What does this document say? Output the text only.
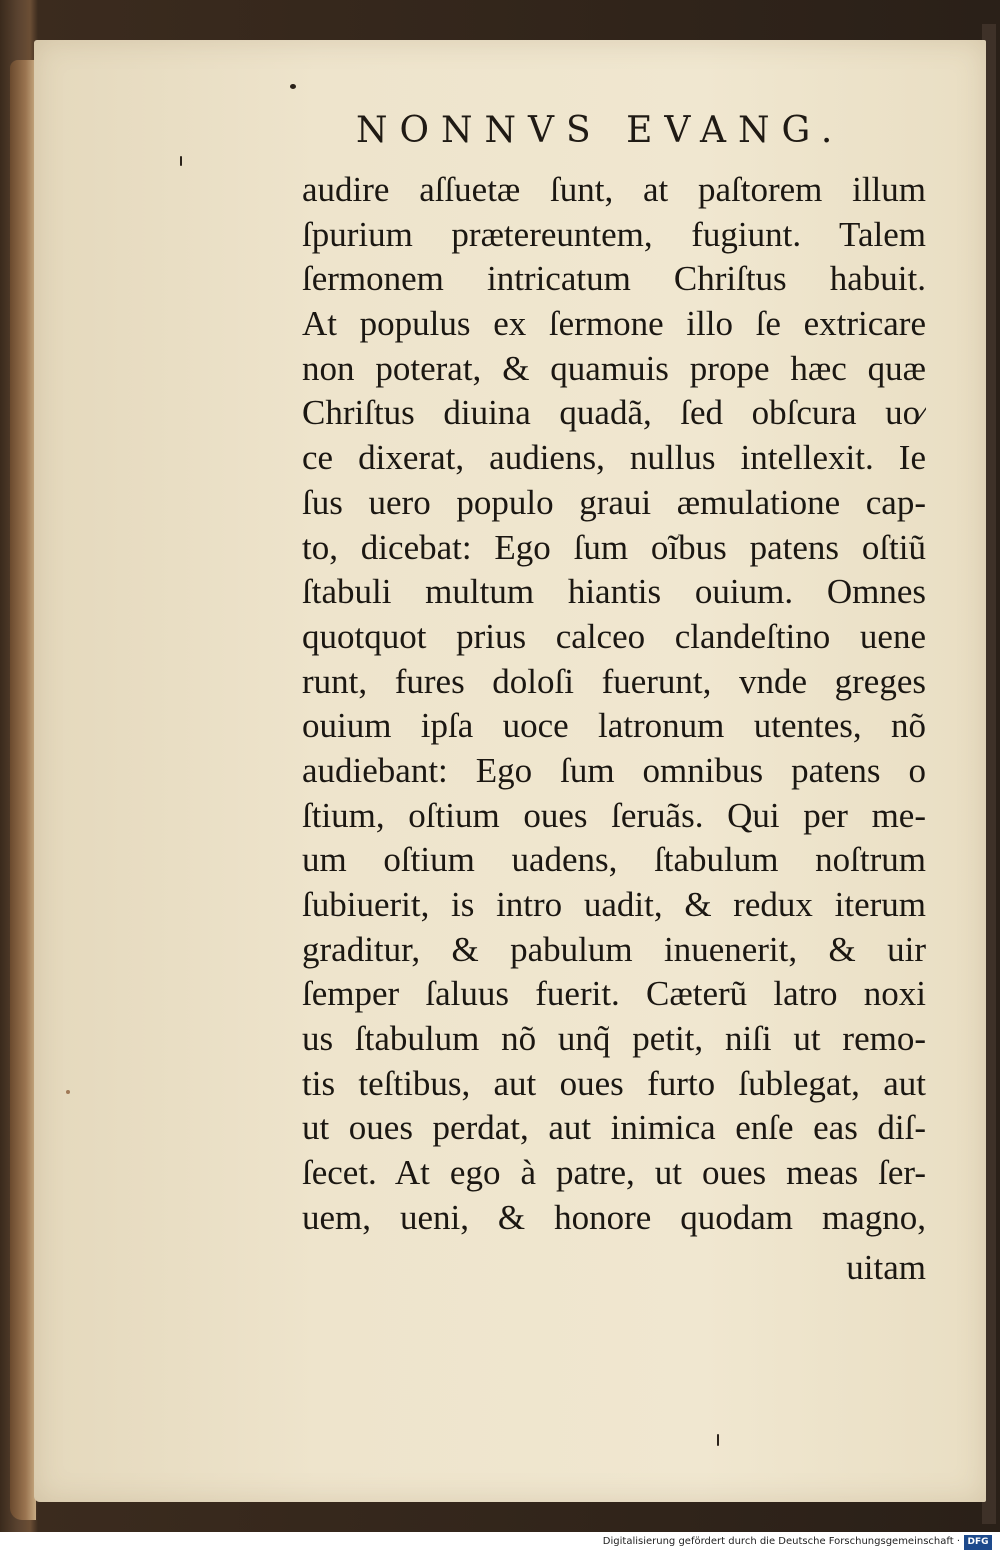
NONNVS EVANG.
audire aſſuetæ ſunt, at paſtorem illum
ſpurium prætereuntem, fugiunt. Talem
ſermonem intricatum Chriſtus habuit.
At populus ex ſermone illo ſe extricare
non poterat, & quamuis prope hæc quæ
Chriſtus diuina quadã, ſed obſcura uo⁄
ce dixerat, audiens, nullus intellexit. Ie
ſus uero populo graui æmulatione cap-
to, dicebat: Ego ſum oĩbus patens oſtiũ
ſtabuli multum hiantis ouium. Omnes
quotquot prius calceo clandeſtino uene
runt, fures doloſi fuerunt, vnde greges
ouium ipſa uoce latronum utentes, nõ
audiebant: Ego ſum omnibus patens o
ſtium, oſtium oues ſeruãs. Qui per me-
um oſtium uadens, ſtabulum noſtrum
ſubiuerit, is intro uadit, & redux iterum
graditur, & pabulum inuenerit, & uir
ſemper ſaluus fuerit. Cæterũ latro noxi
us ſtabulum nõ unq̃ petit, niſi ut remo-
tis teſtibus, aut oues furto ſublegat, aut
ut oues perdat, aut inimica enſe eas diſ-
ſecet. At ego à patre, ut oues meas ſer-
uem, ueni, & honore quodam magno,
uitam
Digitalisierung gefördert durch die Deutsche Forschungsgemeinschaft · DFG
